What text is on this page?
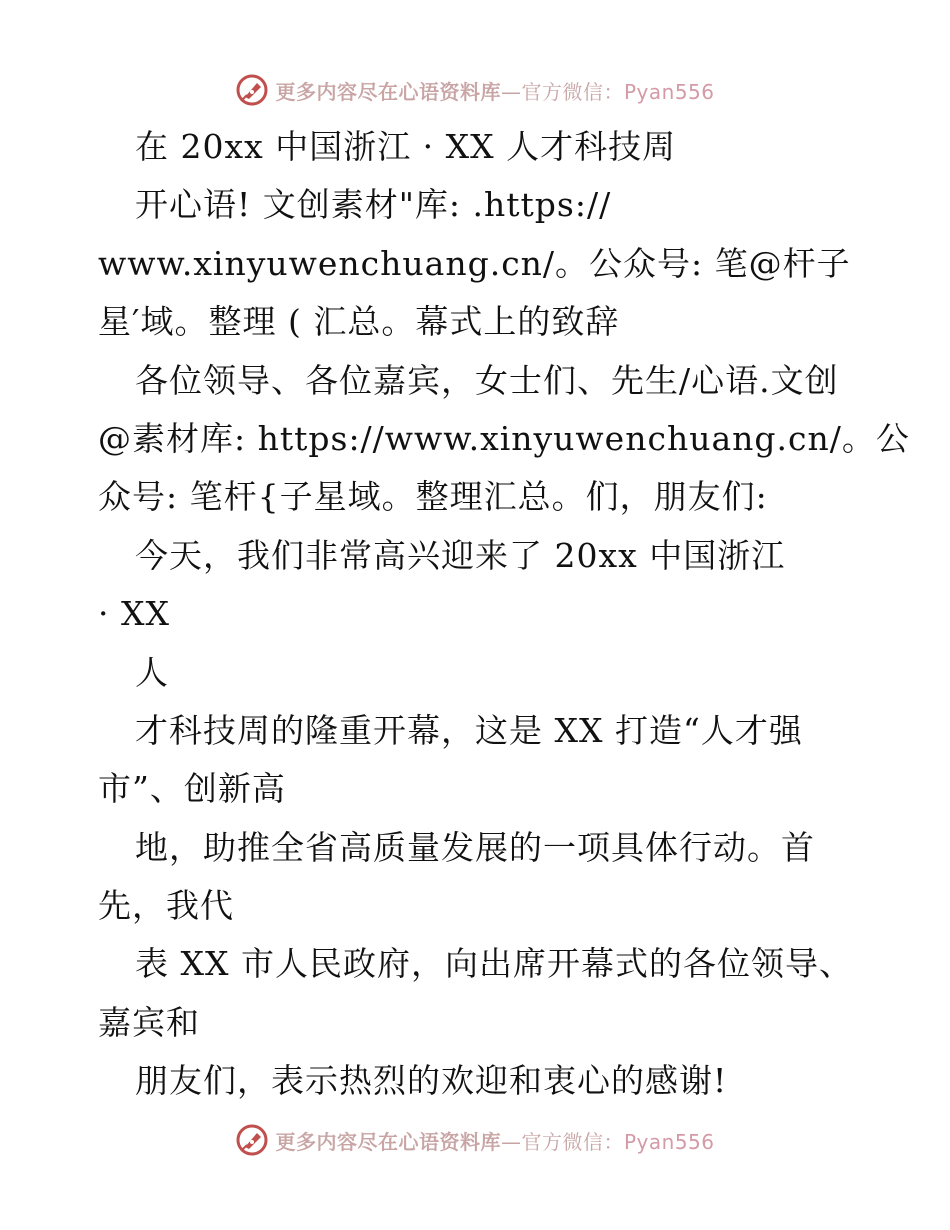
更多内容尽在心语资料库—官方微信：Pyan556
在 20xx 中国浙江 · XX 人才科技周
开心语! 文创素材"库: .https://
www.xinyuwenchuang.cn/。公众号: 笔@杆子
星′域。整理 ( 汇总。幕式上的致辞
各位领导、各位嘉宾，女士们、先生/心语.文创
@素材库: https://www.xinyuwenchuang.cn/。公
众号: 笔杆{子星域。整理汇总。们，朋友们:
今天，我们非常高兴迎来了 20xx 中国浙江
· XX
人
才科技周的隆重开幕，这是 XX 打造“人才强
市”、创新高
地，助推全省高质量发展的一项具体行动。首
先，我代
表 XX 市人民政府，向出席开幕式的各位领导、
嘉宾和
朋友们，表示热烈的欢迎和衷心的感谢!
更多内容尽在心语资料库—官方微信：Pyan556
